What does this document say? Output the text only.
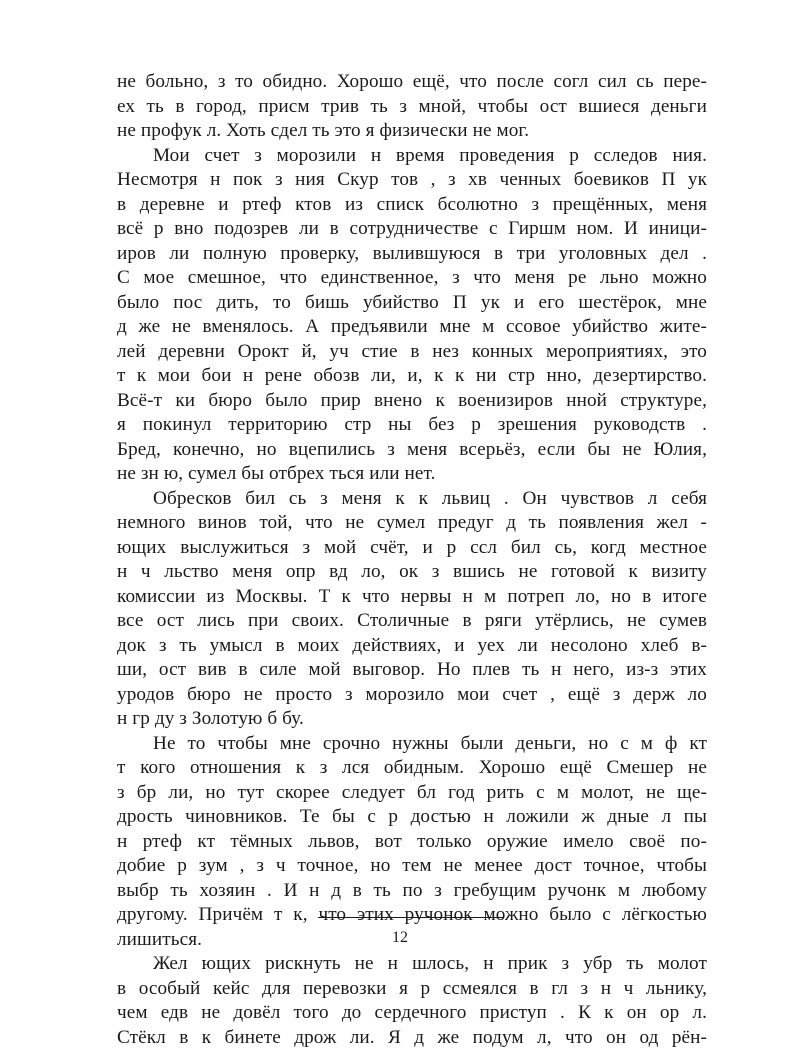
не больно, з то обидно. Хорошо ещё, что после согл сил сь пере-
ех ть в город, присм трив ть з мной, чтобы ост вшиеся деньги
не профук л. Хоть сдел ть это я физически не мог.
Мои счет з морозили н время проведения р сследов ния.
Несмотря н пок з ния Скур тов , з хв ченных боевиков П ук
в деревне и ртеф ктов из списк бсолютно з прещённых, меня
всё р вно подозрев ли в сотрудничестве с Гиршм ном. И иници-
иров ли полную проверку, вылившуюся в три уголовных дел .
С мое смешное, что единственное, з что меня ре льно можно
было пос дить, то бишь убийство П ук и его шестёрок, мне
д же не вменялось. А предъявили мне м ссовое убийство жите-
лей деревни Орокт й, уч стие в нез конных мероприятиях, это
т к мои бои н рене обозв ли, и, к к ни стр нно, дезертирство.
Всё-т ки бюро было прир внено к военизиров нной структуре,
я покинул территорию стр ны без р зрешения руководств .
Бред, конечно, но вцепились з меня всерьёз, если бы не Юлия,
не зн ю, сумел бы отбрех ться или нет.
Обресков бил сь з меня к к львиц . Он чувствов л себя
немного винов той, что не сумел предуг д ть появления жел -
ющих выслужиться з мой счёт, и р ссл бил сь, когд местное
н ч льство меня опр вд ло, ок з вшись не готовой к визиту
комиссии из Москвы. Т к что нервы н м потреп ло, но в итоге
все ост лись при своих. Столичные в ряги утёрлись, не сумев
док з ть умысл в моих действиях, и уех ли несолоно хлеб в-
ши, ост вив в силе мой выговор. Но плев ть н него, из-з этих
уродов бюро не просто з морозило мои счет , ещё з держ ло
н гр ду з Золотую б бу.
Не то чтобы мне срочно нужны были деньги, но с м ф кт
т кого отношения к з лся обидным. Хорошо ещё Смешер не
з бр ли, но тут скорее следует бл год рить с м молот, не ще-
дрость чиновников. Те бы с р достью н ложили ж дные л пы
н ртеф кт тёмных львов, вот только оружие имело своё по-
добие р зум , з ч точное, но тем не менее дост точное, чтобы
выбр ть хозяин . И н д в ть по з гребущим ручонк м любому
другому. Причём т к, что этих ручонок можно было с лёгкостью
лишиться.
Жел ющих рискнуть не н шлось, н прик з убр ть молот
в особый кейс для перевозки я р ссмеялся в гл з н ч льнику,
чем едв не довёл того до сердечного приступ . К к он ор л.
Стёкл в к бинете дрож ли. Я д же подум л, что он од рён-
12
